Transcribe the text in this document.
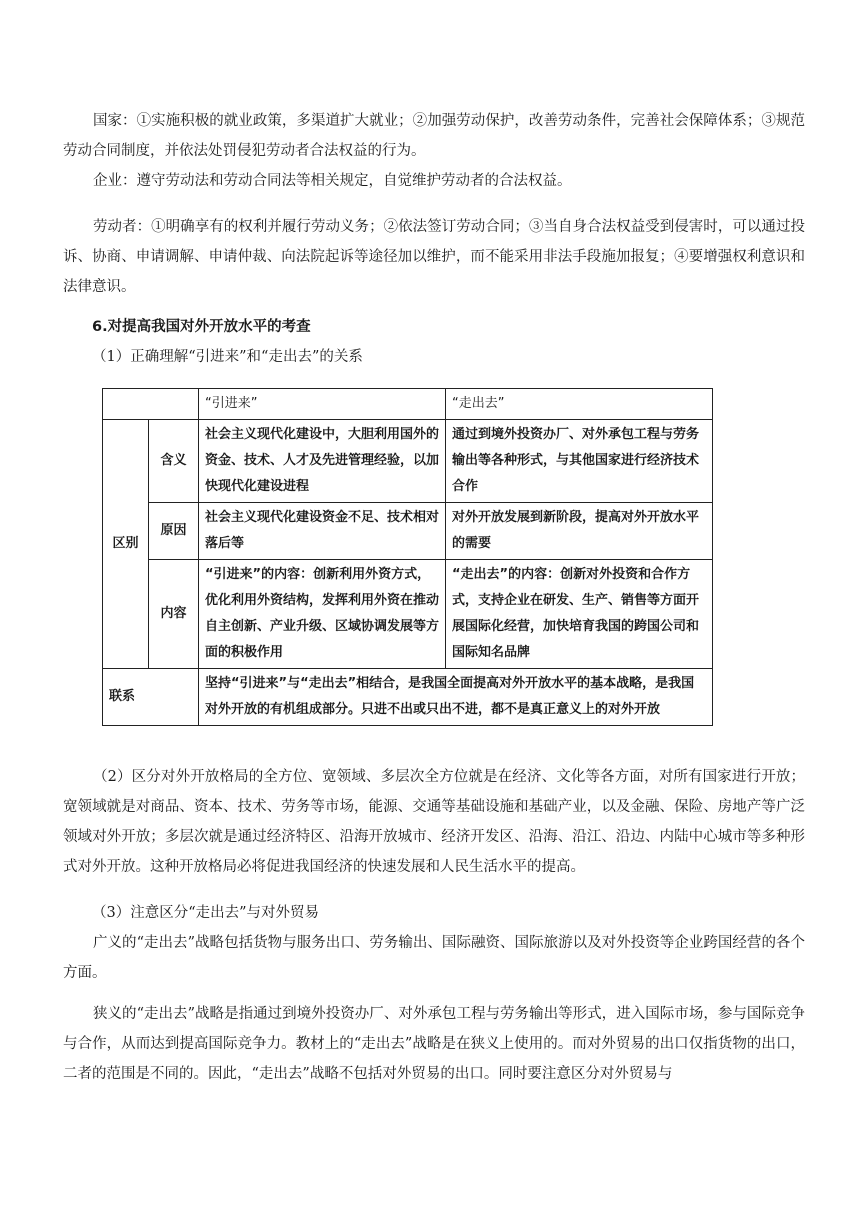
国家：①实施积极的就业政策，多渠道扩大就业；②加强劳动保护，改善劳动条件，完善社会保障体系；③规范劳动合同制度，并依法处罚侵犯劳动者合法权益的行为。

企业：遵守劳动法和劳动合同法等相关规定，自觉维护劳动者的合法权益。

劳动者：①明确享有的权利并履行劳动义务；②依法签订劳动合同；③当自身合法权益受到侵害时，可以通过投诉、协商、申请调解、申请仲裁、向法院起诉等途径加以维护，而不能采用非法手段施加报复；④要增强权利意识和法律意识。

6.对提高我国对外开放水平的考查
（1）正确理解“引进来”和“走出去”的关系
		“引进来”	“走出去”
区别	含义	社会主义现代化建设中，大胆利用国外的资金、技术、人才及先进管理经验，以加快现代化建设进程	通过到境外投资办厂、对外承包工程与劳务输出等各种形式，与其他国家进行经济技术合作
	原因	社会主义现代化建设资金不足、技术相对落后等	对外开放发展到新阶段，提高对外开放水平的需要
	内容	“引进来”的内容：创新利用外资方式，优化利用外资结构，发挥利用外资在推动自主创新、产业升级、区域协调发展等方面的积极作用	“走出去”的内容：创新对外投资和合作方式，支持企业在研发、生产、销售等方面开展国际化经营，加快培育我国的跨国公司和国际知名品牌
联系		坚持“引进来”与“走出去”相结合，是我国全面提高对外开放水平的基本战略，是我国对外开放的有机组成部分。只进不出或只出不进，都不是真正意义上的对外开放	

（2）区分对外开放格局的全方位、宽领域、多层次全方位就是在经济、文化等各方面，对所有国家进行开放；宽领域就是对商品、资本、技术、劳务等市场，能源、交通等基础设施和基础产业，以及金融、保险、房地产等广泛领域对外开放；多层次就是通过经济特区、沿海开放城市、经济开发区、沿海、沿江、沿边、内陆中心城市等多种形式对外开放。这种开放格局必将促进我国经济的快速发展和人民生活水平的提高。

（3）注意区分“走出去”与对外贸易

广义的“走出去”战略包括货物与服务出口、劳务输出、国际融资、国际旅游以及对外投资等企业跨国经营的各个方面。

狭义的“走出去”战略是指通过到境外投资办厂、对外承包工程与劳务输出等形式，进入国际市场，参与国际竞争与合作，从而达到提高国际竞争力。教材上的“走出去”战略是在狭义上使用的。而对外贸易的出口仅指货物的出口，二者的范围是不同的。因此，“走出去”战略不包括对外贸易的出口。同时要注意区分对外贸易与
